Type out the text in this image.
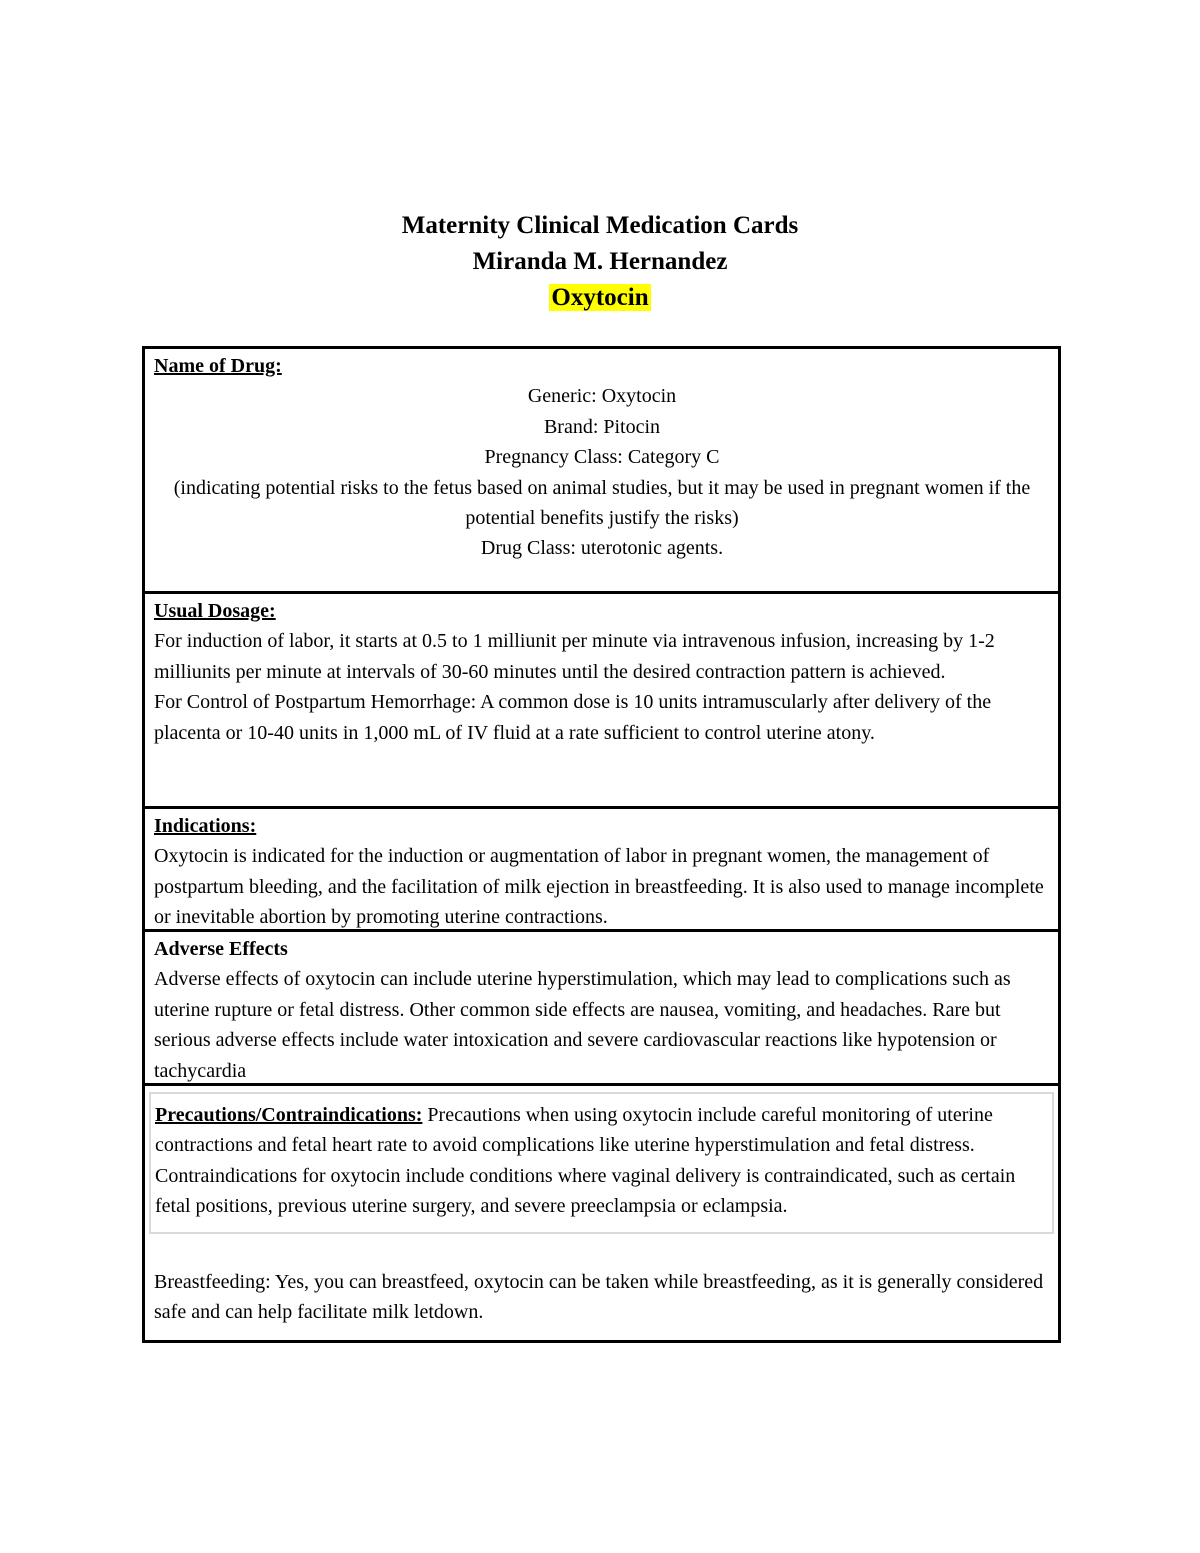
Maternity Clinical Medication Cards
Miranda M. Hernandez
Oxytocin
Name of Drug:
Generic: Oxytocin
Brand: Pitocin
Pregnancy Class: Category C
(indicating potential risks to the fetus based on animal studies, but it may be used in pregnant women if the potential benefits justify the risks)
Drug Class: uterotonic agents.
Usual Dosage:
For induction of labor, it starts at 0.5 to 1 milliunit per minute via intravenous infusion, increasing by 1-2 milliunits per minute at intervals of 30-60 minutes until the desired contraction pattern is achieved.
For Control of Postpartum Hemorrhage: A common dose is 10 units intramuscularly after delivery of the placenta or 10-40 units in 1,000 mL of IV fluid at a rate sufficient to control uterine atony.
Indications:
Oxytocin is indicated for the induction or augmentation of labor in pregnant women, the management of postpartum bleeding, and the facilitation of milk ejection in breastfeeding. It is also used to manage incomplete or inevitable abortion by promoting uterine contractions.
Adverse Effects
Adverse effects of oxytocin can include uterine hyperstimulation, which may lead to complications such as uterine rupture or fetal distress. Other common side effects are nausea, vomiting, and headaches. Rare but serious adverse effects include water intoxication and severe cardiovascular reactions like hypotension or tachycardia
Precautions/Contraindications: Precautions when using oxytocin include careful monitoring of uterine contractions and fetal heart rate to avoid complications like uterine hyperstimulation and fetal distress. Contraindications for oxytocin include conditions where vaginal delivery is contraindicated, such as certain fetal positions, previous uterine surgery, and severe preeclampsia or eclampsia.
Breastfeeding: Yes, you can breastfeed, oxytocin can be taken while breastfeeding, as it is generally considered safe and can help facilitate milk letdown.
